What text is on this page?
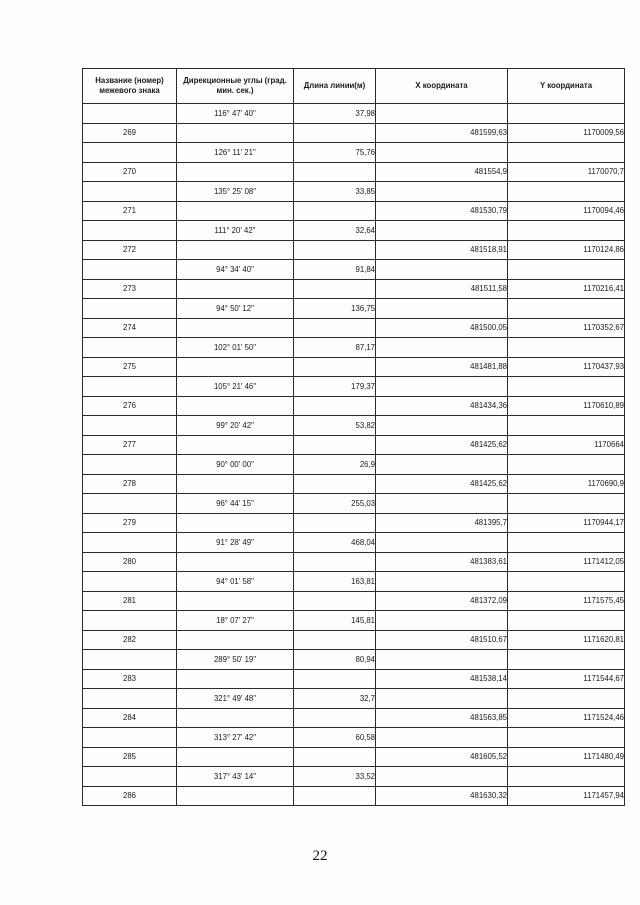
Название (номер) межевого знака	Дирекционные углы (град. мин. сек.)	Длина линии(м)	X координата	Y координата
	116° 47' 40"	37,98		
269			481599,63	1170009,56
	126° 11' 21"	75,76		
270			481554,9	1170070,7
	135° 25' 08"	33,85		
271			481530,79	1170094,46
	111° 20' 42"	32,64		
272			481518,91	1170124,86
	94° 34' 40"	91,84		
273			481511,58	1170216,41
	94° 50' 12"	136,75		
274			481500,05	1170352,67
	102° 01' 50"	87,17		
275			481481,88	1170437,93
	105° 21' 46"	179,37		
276			481434,36	1170610,89
	99° 20' 42"	53,82		
277			481425,62	1170664
	90° 00' 00"	26,9		
278			481425,62	1170690,9
	96° 44' 15"	255,03		
279			481395,7	1170944,17
	91° 28' 49"	468,04		
280			481383,61	1171412,05
	94° 01' 58"	163,81		
281			481372,09	1171575,45
	18° 07' 27"	145,81		
282			481510,67	1171620,81
	289° 50' 19"	80,94		
283			481538,14	1171544,67
	321° 49' 48"	32,7		
284			481563,85	1171524,46
	313° 27' 42"	60,58		
285			481605,52	1171480,49
	317° 43' 14"	33,52		
286			481630,32	1171457,94
22
